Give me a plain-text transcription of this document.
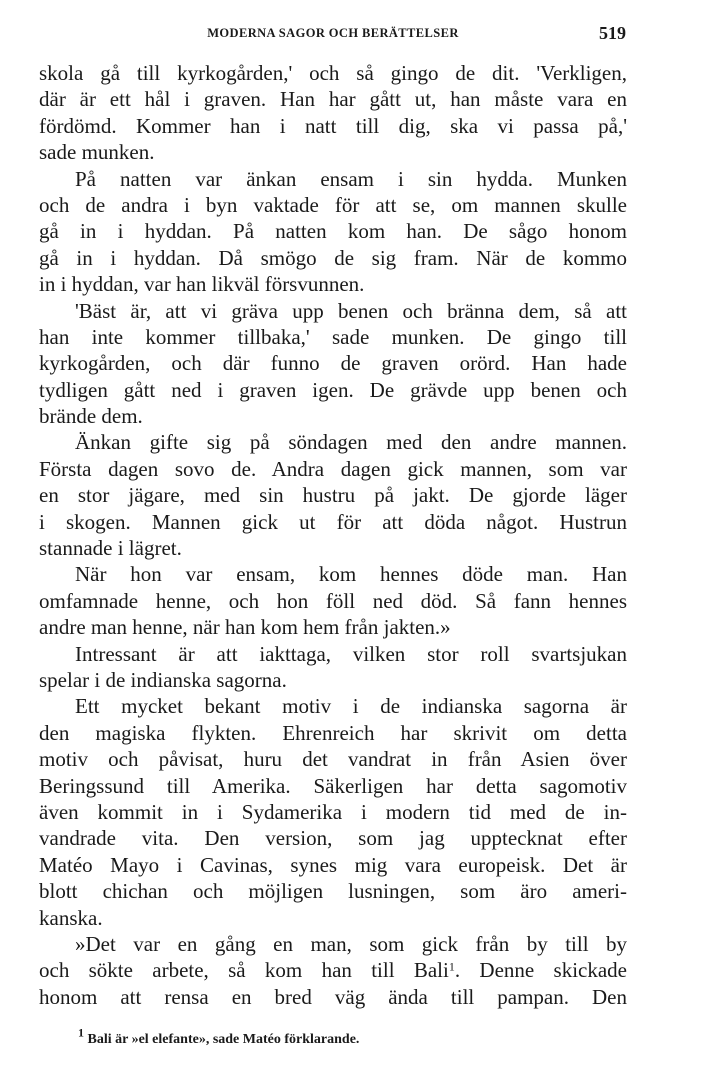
MODERNA SAGOR OCH BERÄTTELSER	519
skola gå till kyrkogården,' och så gingo de dit. 'Verkligen,
där är ett hål i graven. Han har gått ut, han måste vara en
fördömd. Kommer han i natt till dig, ska vi passa på,'
sade munken.
På natten var änkan ensam i sin hydda. Munken
och de andra i byn vaktade för att se, om mannen skulle
gå in i hyddan. På natten kom han. De sågo honom
gå in i hyddan. Då smögo de sig fram. När de kommo
in i hyddan, var han likväl försvunnen.
'Bäst är, att vi gräva upp benen och bränna dem, så att
han inte kommer tillbaka,' sade munken. De gingo till
kyrkogården, och där funno de graven orörd. Han hade
tydligen gått ned i graven igen. De grävde upp benen och
brände dem.
Änkan gifte sig på söndagen med den andre mannen.
Första dagen sovo de. Andra dagen gick mannen, som var
en stor jägare, med sin hustru på jakt. De gjorde läger
i skogen. Mannen gick ut för att döda något. Hustrun
stannade i lägret.
När hon var ensam, kom hennes döde man. Han
omfamnade henne, och hon föll ned död. Så fann hennes
andre man henne, när han kom hem från jakten.»
Intressant är att iakttaga, vilken stor roll svartsjukan
spelar i de indianska sagorna.
Ett mycket bekant motiv i de indianska sagorna är
den magiska flykten. Ehrenreich har skrivit om detta
motiv och påvisat, huru det vandrat in från Asien över
Beringssund till Amerika. Säkerligen har detta sagomotiv
även kommit in i Sydamerika i modern tid med de in-
vandrade vita. Den version, som jag upptecknat efter
Matéo Mayo i Cavinas, synes mig vara europeisk. Det är
blott chichan och möjligen lusningen, som äro ameri-
kanska.
»Det var en gång en man, som gick från by till by
och sökte arbete, så kom han till Bali$^1$. Denne skickade
honom att rensa en bred väg ända till pampan. Den
$^1$ Bali är »el elefante», sade Matéo förklarande.
